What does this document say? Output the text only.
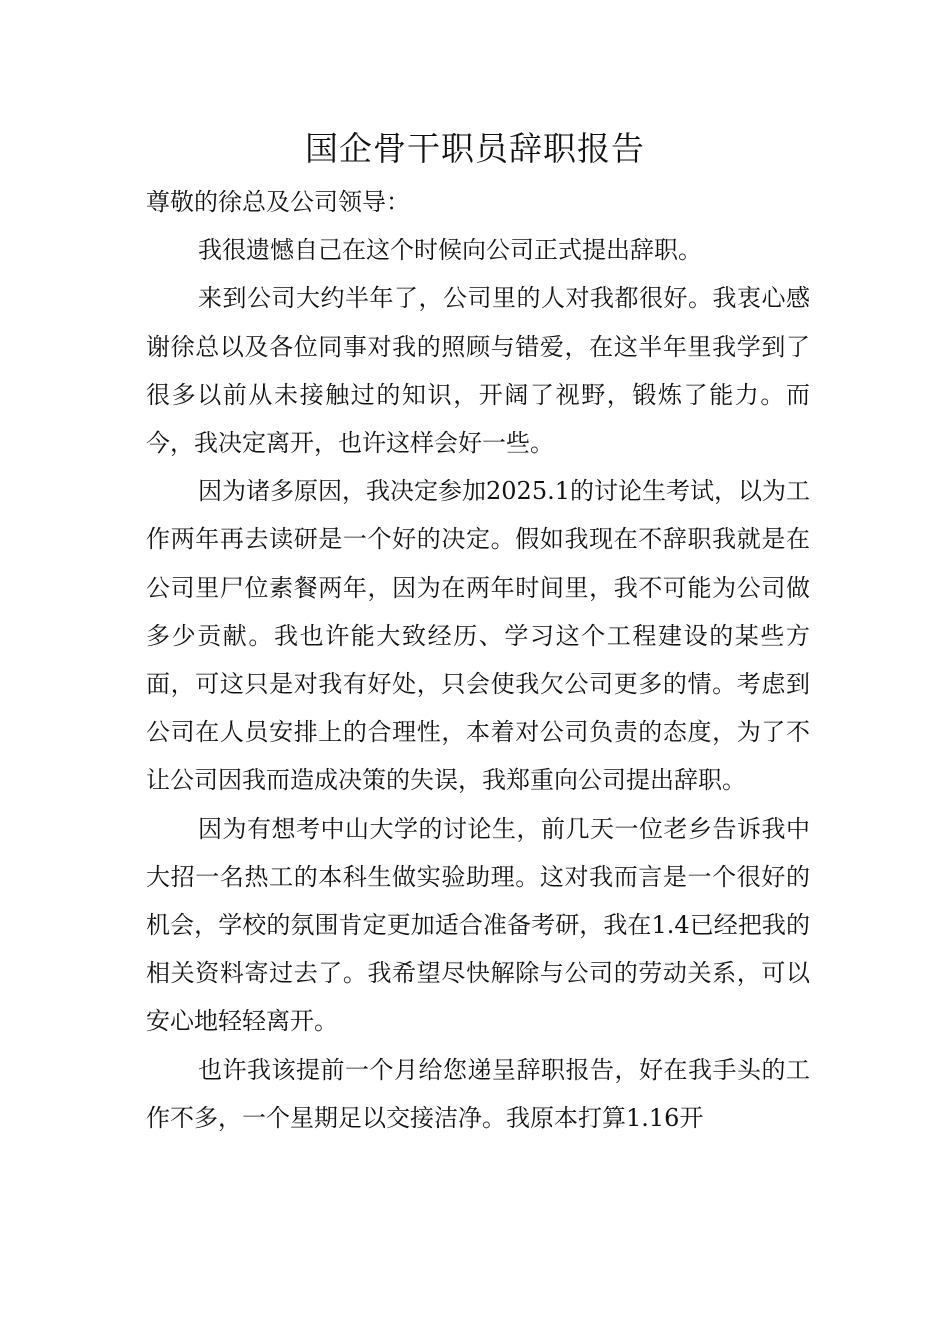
国企骨干职员辞职报告

尊敬的徐总及公司领导：

我很遗憾自己在这个时候向公司正式提出辞职。

来到公司大约半年了，公司里的人对我都很好。我衷心感谢徐总以及各位同事对我的照顾与错爱，在这半年里我学到了很多以前从未接触过的知识，开阔了视野，锻炼了能力。而今，我决定离开，也许这样会好一些。

因为诸多原因，我决定参加2025.1的讨论生考试，以为工作两年再去读研是一个好的决定。假如我现在不辞职我就是在公司里尸位素餐两年，因为在两年时间里，我不可能为公司做多少贡献。我也许能大致经历、学习这个工程建设的某些方面，可这只是对我有好处，只会使我欠公司更多的情。考虑到公司在人员安排上的合理性，本着对公司负责的态度，为了不让公司因我而造成决策的失误，我郑重向公司提出辞职。

因为有想考中山大学的讨论生，前几天一位老乡告诉我中大招一名热工的本科生做实验助理。这对我而言是一个很好的机会，学校的氛围肯定更加适合准备考研，我在1.4已经把我的相关资料寄过去了。我希望尽快解除与公司的劳动关系，可以安心地轻轻离开。

也许我该提前一个月给您递呈辞职报告，好在我手头的工作不多，一个星期足以交接洁净。我原本打算1.16开
